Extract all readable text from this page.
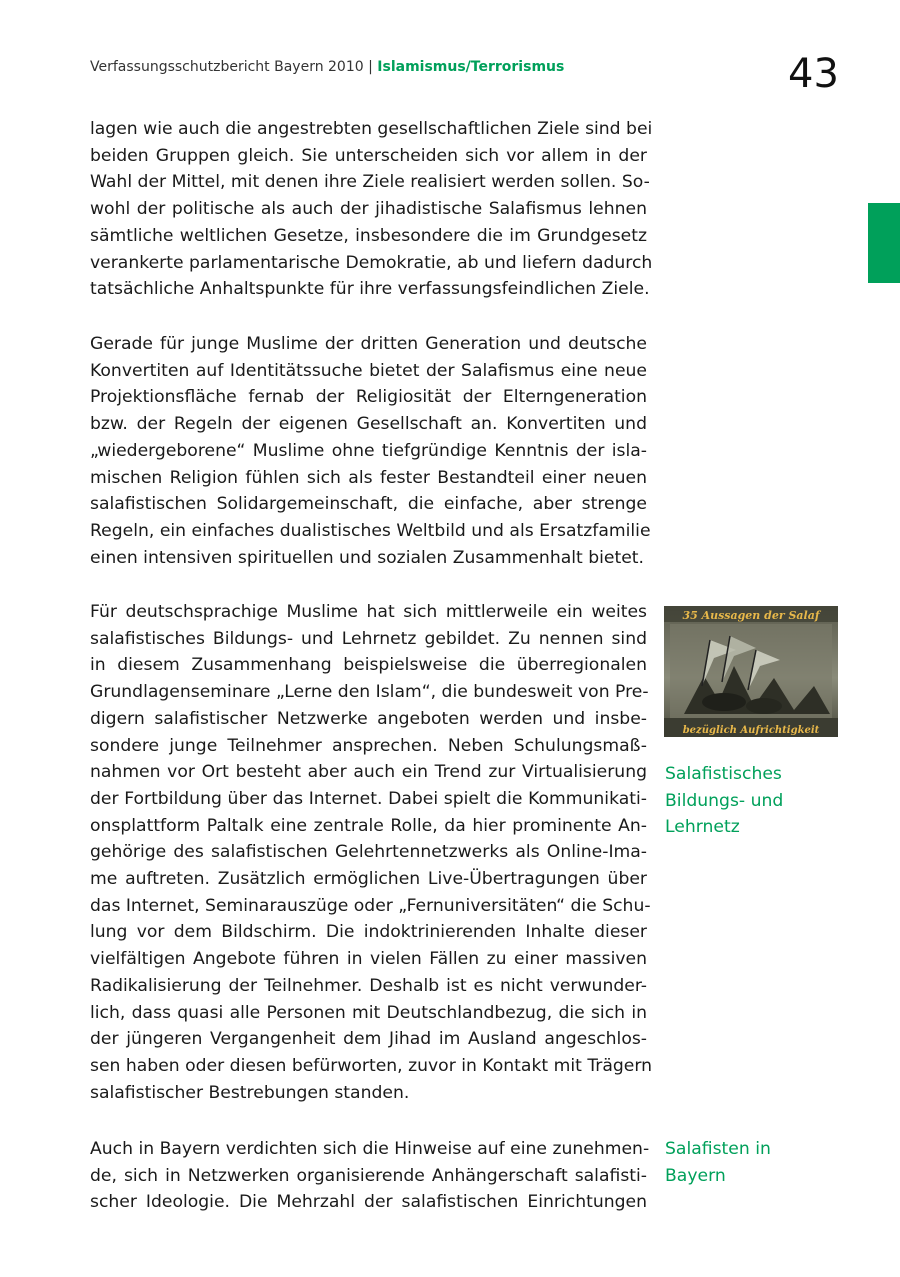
Verfassungsschutzbericht Bayern 2010 | Islamismus/Terrorismus	43
lagen wie auch die angestrebten gesellschaftlichen Ziele sind bei
beiden Gruppen gleich. Sie unterscheiden sich vor allem in der
Wahl der Mittel, mit denen ihre Ziele realisiert werden sollen. So-
wohl der politische als auch der jihadistische Salafismus lehnen
sämtliche weltlichen Gesetze, insbesondere die im Grundgesetz
verankerte parlamentarische Demokratie, ab und liefern dadurch
tatsächliche Anhaltspunkte für ihre verfassungsfeindlichen Ziele.
Gerade für junge Muslime der dritten Generation und deutsche
Konvertiten auf Identitätssuche bietet der Salafismus eine neue
Projektionsfläche fernab der Religiosität der Elterngeneration
bzw. der Regeln der eigenen Gesellschaft an. Konvertiten und
„wiedergeborene“ Muslime ohne tiefgründige Kenntnis der isla-
mischen Religion fühlen sich als fester Bestandteil einer neuen
salafistischen Solidargemeinschaft, die einfache, aber strenge
Regeln, ein einfaches dualistisches Weltbild und als Ersatzfamilie
einen intensiven spirituellen und sozialen Zusammenhalt bietet.
Für deutschsprachige Muslime hat sich mittlerweile ein weites
salafistisches Bildungs- und Lehrnetz gebildet. Zu nennen sind
in diesem Zusammenhang beispielsweise die überregionalen
Grundlagenseminare „Lerne den Islam“, die bundesweit von Pre-
digern salafistischer Netzwerke angeboten werden und insbe-
sondere junge Teilnehmer ansprechen. Neben Schulungsmaß-
nahmen vor Ort besteht aber auch ein Trend zur Virtualisierung
der Fortbildung über das Internet. Dabei spielt die Kommunikati-
onsplattform Paltalk eine zentrale Rolle, da hier prominente An-
gehörige des salafistischen Gelehrtennetzwerks als Online-Ima-
me auftreten. Zusätzlich ermöglichen Live-Übertragungen über
das Internet, Seminarauszüge oder „Fernuniversitäten“ die Schu-
lung vor dem Bildschirm. Die indoktrinierenden Inhalte dieser
vielfältigen Angebote führen in vielen Fällen zu einer massiven
Radikalisierung der Teilnehmer. Deshalb ist es nicht verwunder-
lich, dass quasi alle Personen mit Deutschlandbezug, die sich in
der jüngeren Vergangenheit dem Jihad im Ausland angeschlos-
sen haben oder diesen befürworten, zuvor in Kontakt mit Trägern
salafistischer Bestrebungen standen.
Auch in Bayern verdichten sich die Hinweise auf eine zunehmen-
de, sich in Netzwerken organisierende Anhängerschaft salafisti-
scher Ideologie. Die Mehrzahl der salafistischen Einrichtungen
35 Aussagen der Salaf
bezüglich Aufrichtigkeit
Salafistisches
Bildungs- und
Lehrnetz
Salafisten in
Bayern
